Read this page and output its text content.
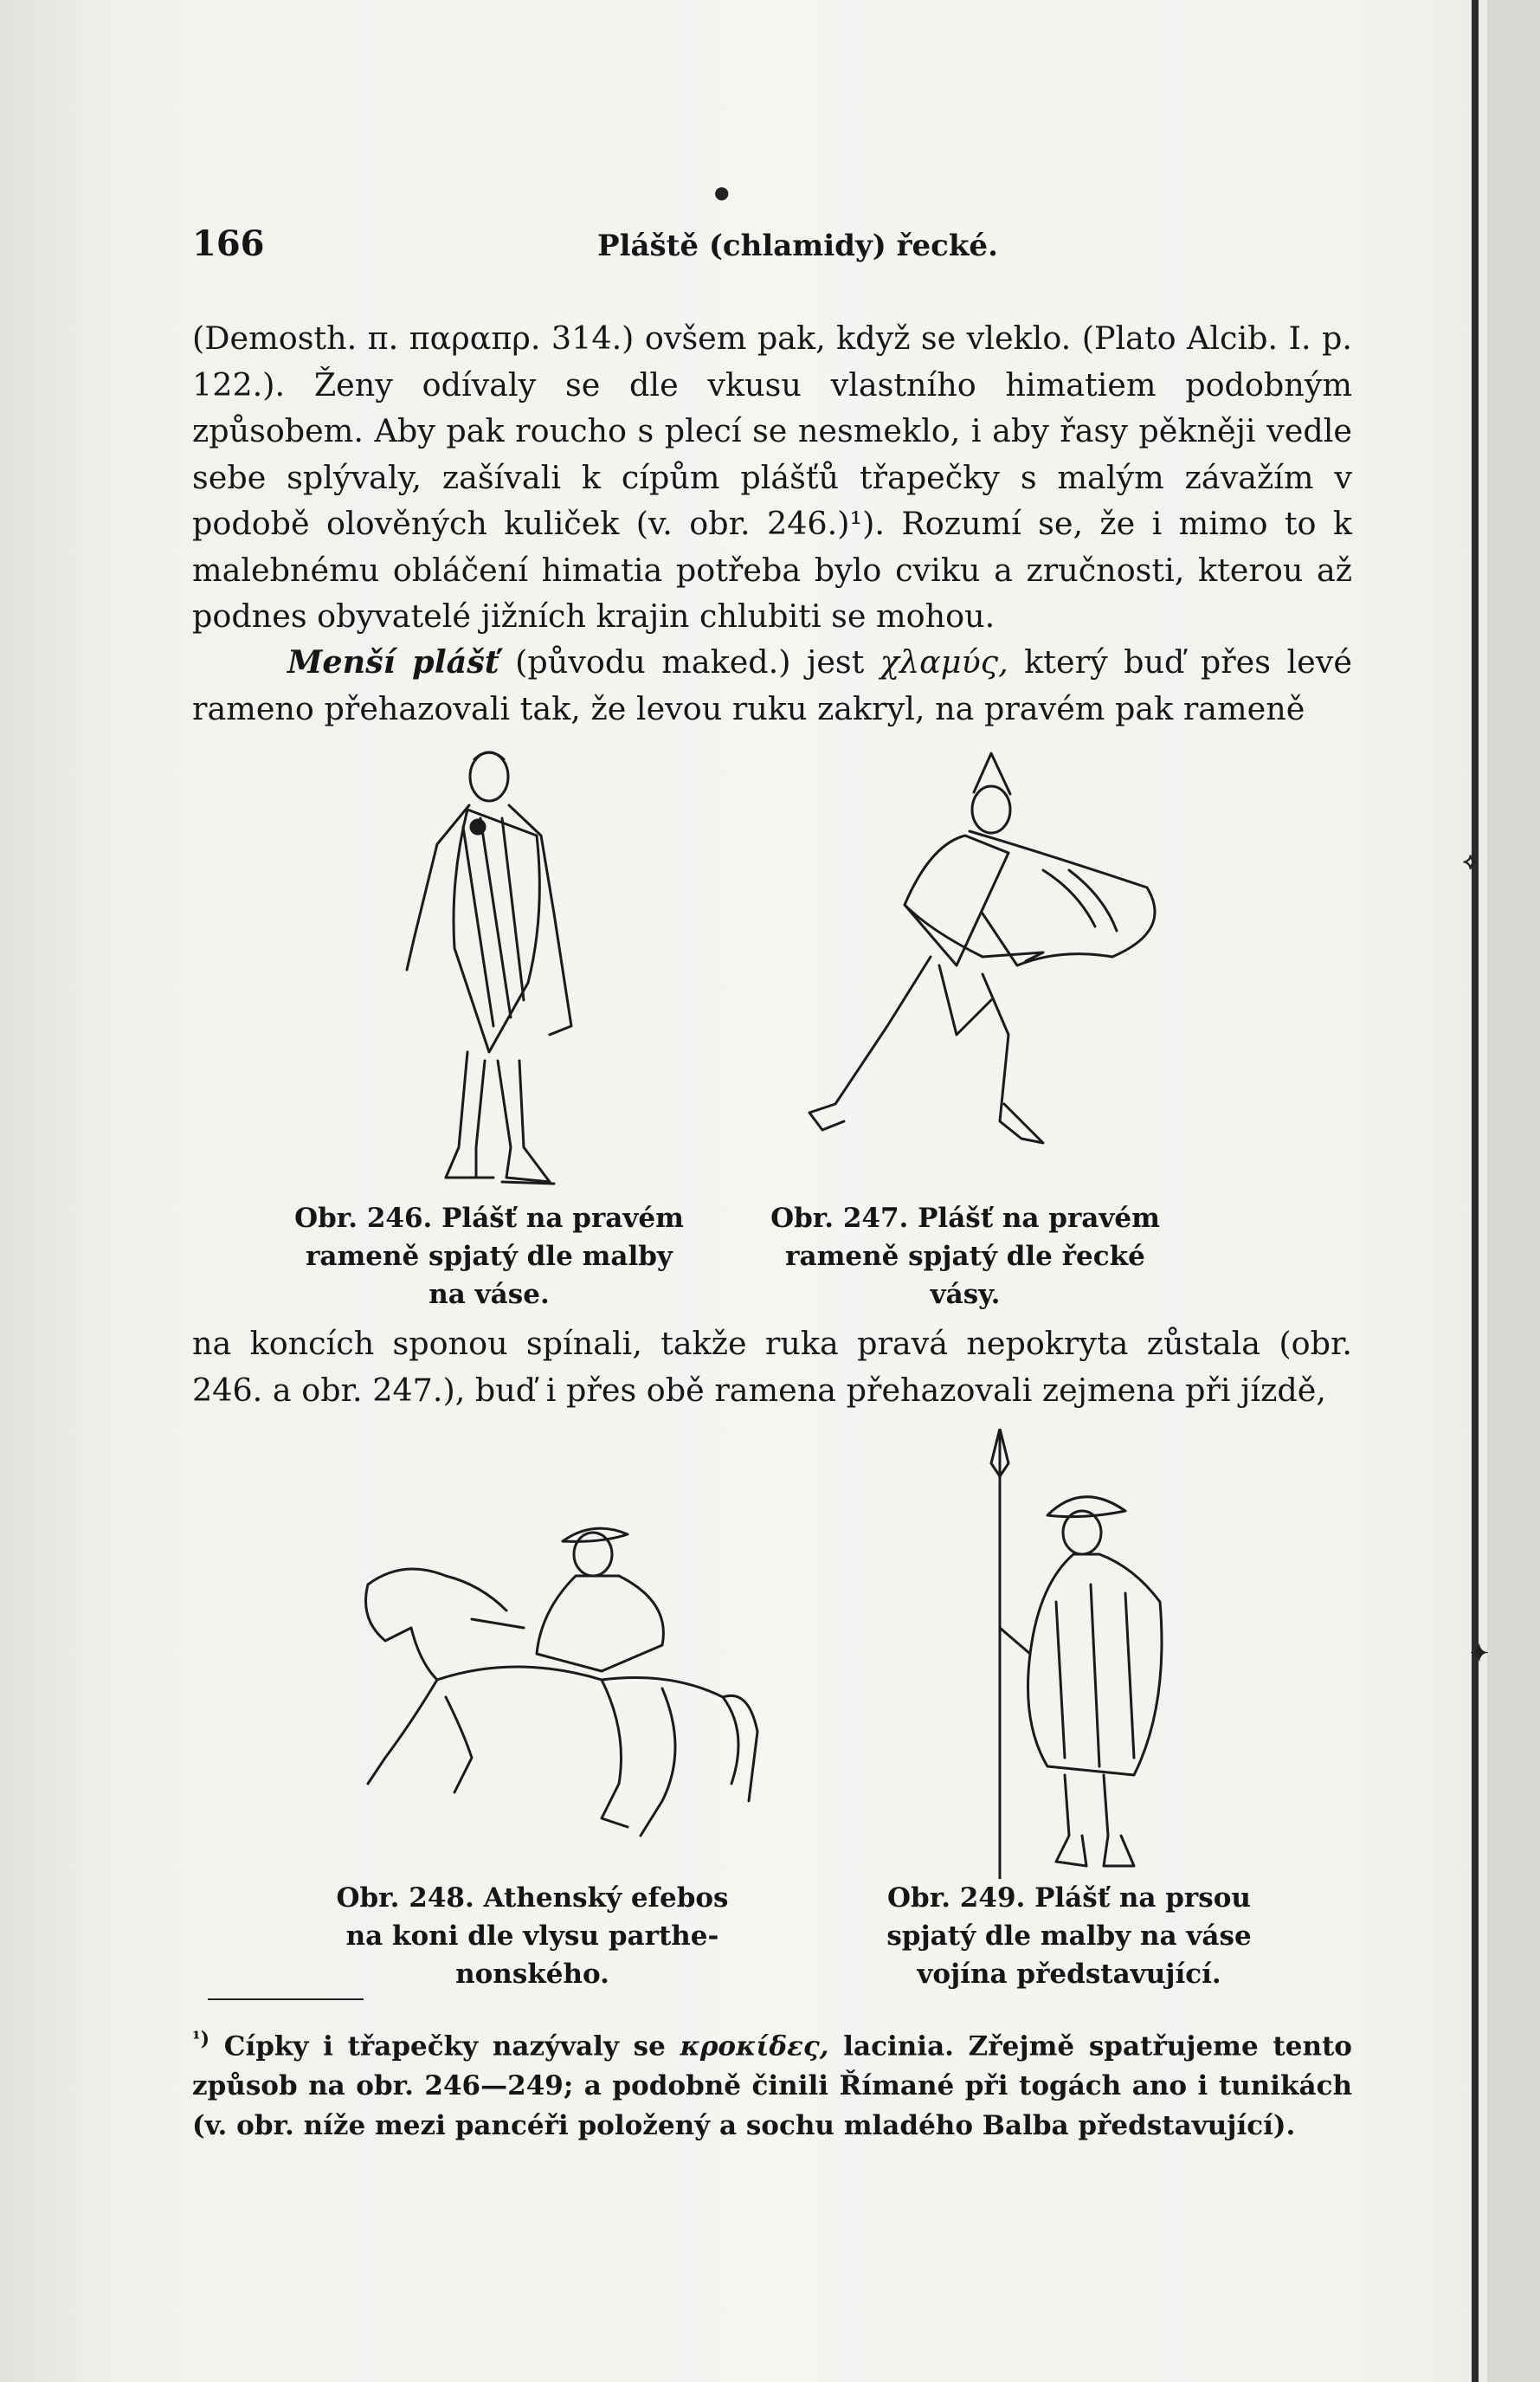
⟡
✦
●
166	Pláště (chlamidy) řecké.

(Demosth. π. παραπρ. 314.) ovšem pak, když se vleklo. (Plato Alcib. I. p. 122.). Ženy odívaly se dle vkusu vlastního himatiem podobným způsobem. Aby pak roucho s plecí se nesmeklo, i aby řasy pěkněji vedle sebe splývaly, zašívali k cípům plášťů třapečky s malým závažím v podobě olověných kuliček (v. obr. 246.)¹). Rozumí se, že i mimo to k malebnému obláčení himatia potřeba bylo cviku a zručnosti, kterou až podnes obyvatelé jižních krajin chlubiti se mohou.

Menší plášť (původu maked.) jest χλαμύς, který buď přes levé rameno přehazovali tak, že levou ruku zakryl, na pravém pak rameně

Obr. 246. Plášť na pravém
rameně spjatý dle malby
na váse.

Obr. 247. Plášť na pravém
rameně spjatý dle řecké
vásy.

na koncích sponou spínali, takže ruka pravá nepokryta zůstala (obr. 246. a obr. 247.), buď i přes obě ramena přehazovali zejmena při jízdě,

Obr. 248. Athenský efebos
na koni dle vlysu parthe-
nonského.

Obr. 249. Plášť na prsou
spjatý dle malby na váse
vojína představující.

$^{^1)}$ Cípky i třapečky nazývaly se κροκίδες, lacinia. Zřejmě spatřujeme tento způsob na obr. 246—249; a podobně činili Římané při togách ano i tunikách (v. obr. níže mezi pancéři položený a sochu mladého Balba představující).
